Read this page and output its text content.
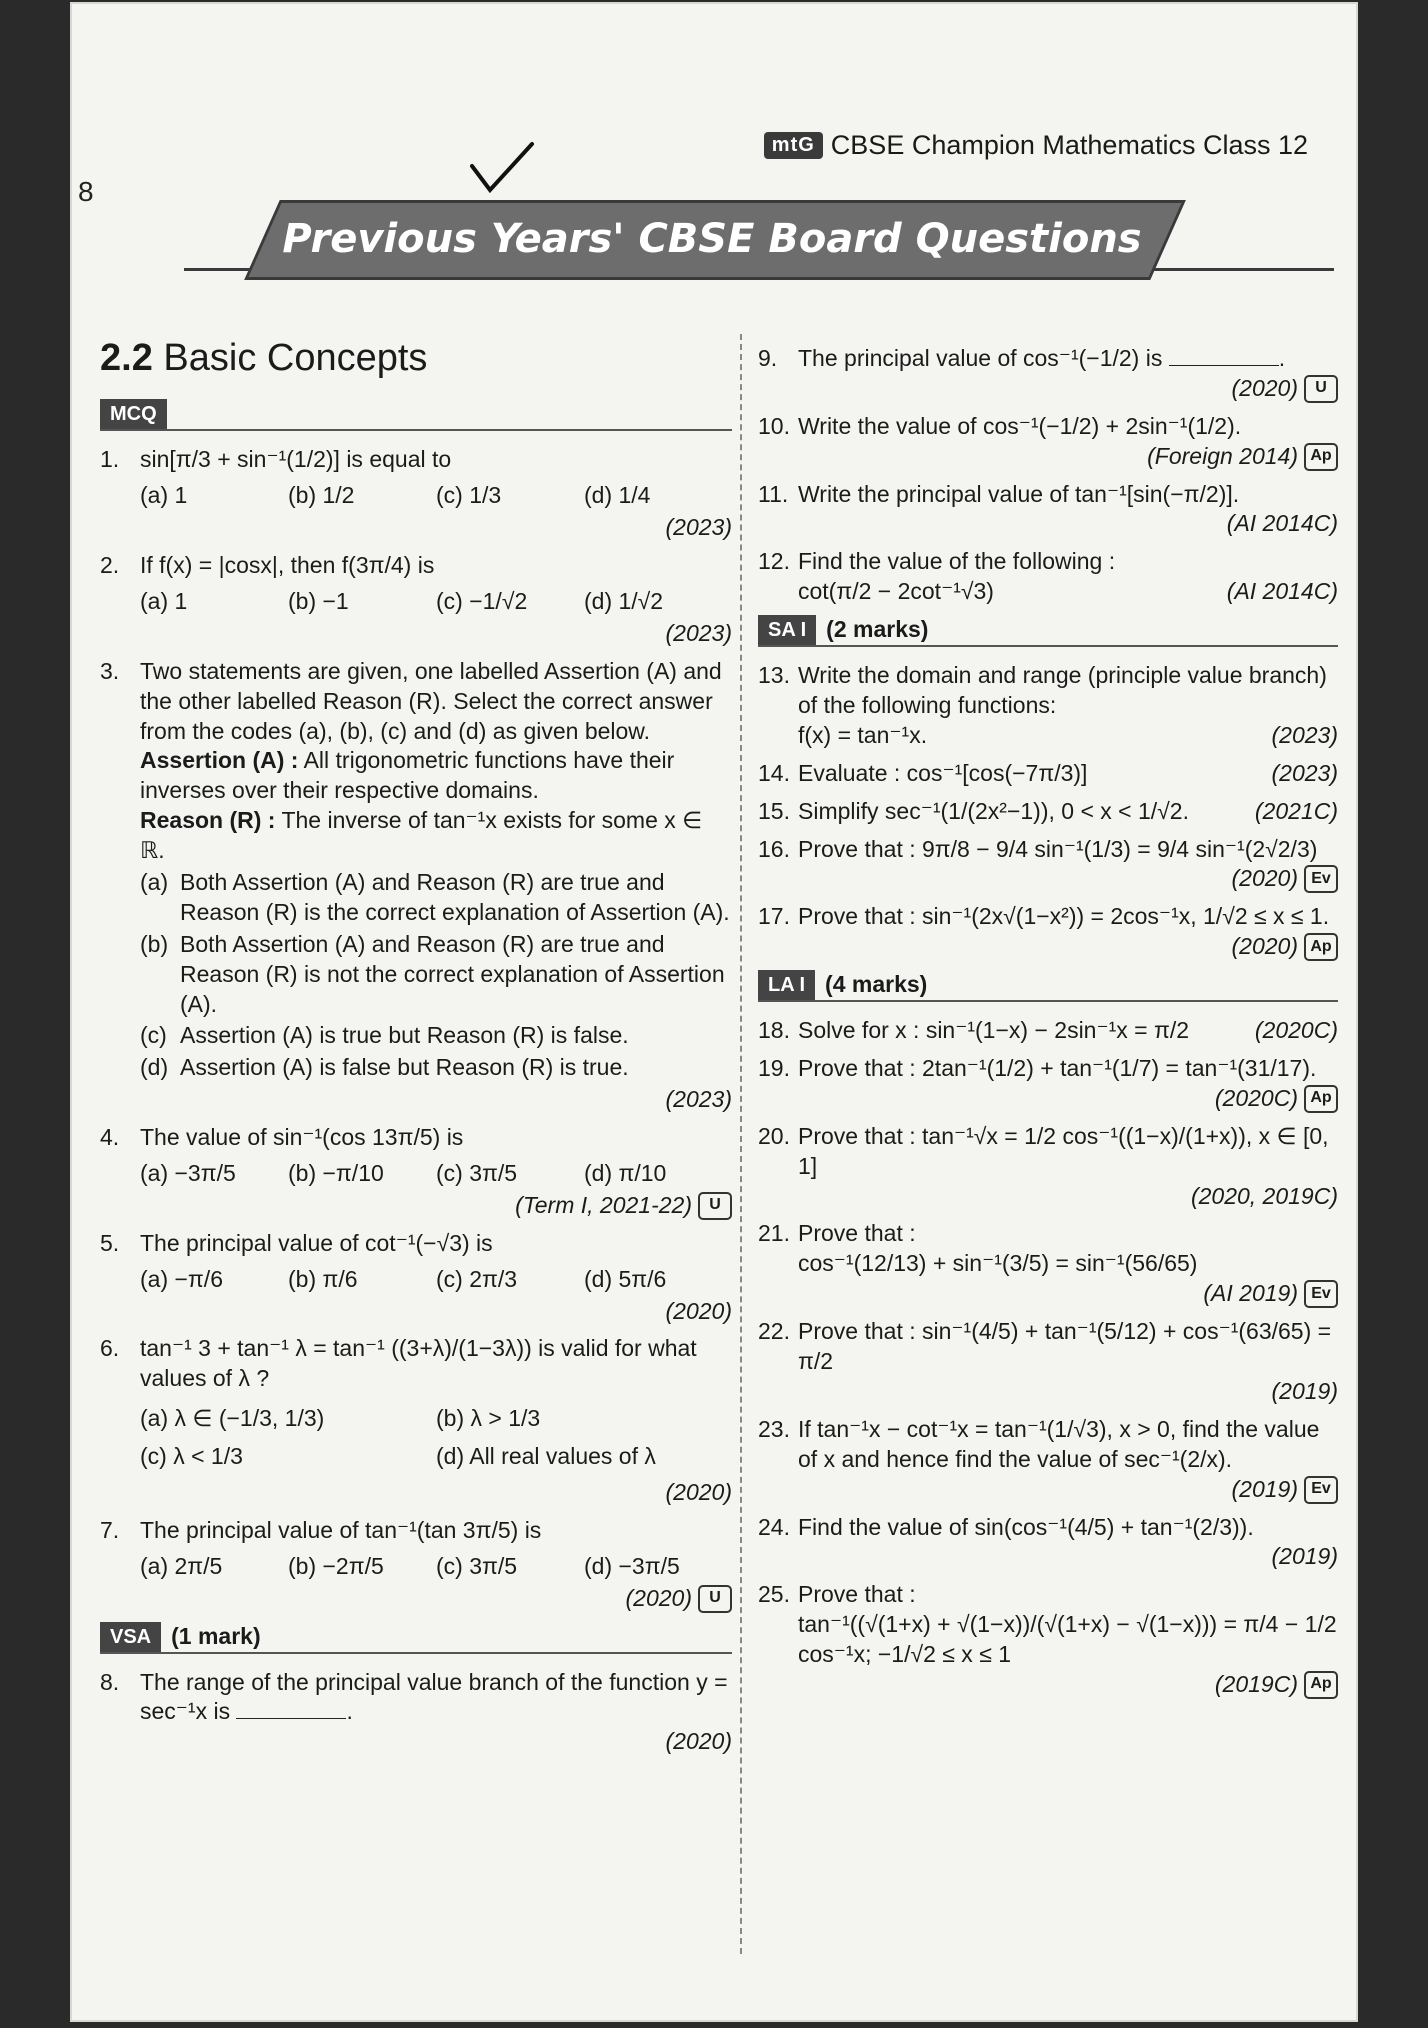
8
mtG CBSE Champion Mathematics Class 12
Previous Years' CBSE Board Questions
2.2 Basic Concepts
MCQ
1. sin[π/3 + sin⁻¹(1/2)] is equal to
(a) 1	(b) 1/2	(c) 1/3	(d) 1/4
(2023)
2. If f(x) = |cosx|, then f(3π/4) is
(a) 1	(b) −1	(c) −1/√2	(d) 1/√2
(2023)
3. Two statements are given, one labelled Assertion (A) and the other labelled Reason (R). Select the correct answer from the codes (a), (b), (c) and (d) as given below.
Assertion (A) : All trigonometric functions have their inverses over their respective domains.
Reason (R) : The inverse of tan⁻¹x exists for some x ∈ ℝ.
(a) Both Assertion (A) and Reason (R) are true and Reason (R) is the correct explanation of Assertion (A).
(b) Both Assertion (A) and Reason (R) are true and Reason (R) is not the correct explanation of Assertion (A).
(c) Assertion (A) is true but Reason (R) is false.
(d) Assertion (A) is false but Reason (R) is true.
(2023)
4. The value of sin⁻¹(cos 13π/5) is
(a) −3π/5	(b) −π/10	(c) 3π/5	(d) π/10
(Term I, 2021-22)	U
5. The principal value of cot⁻¹(−√3) is
(a) −π/6	(b) π/6	(c) 2π/3	(d) 5π/6
(2020)
6. tan⁻¹ 3 + tan⁻¹ λ = tan⁻¹ ((3+λ)/(1−3λ)) is valid for what values of λ ?
(a) λ ∈ (−1/3, 1/3)	(b) λ > 1/3
(c) λ < 1/3	(d) All real values of λ
(2020)
7. The principal value of tan⁻¹(tan 3π/5) is
(a) 2π/5	(b) −2π/5	(c) 3π/5	(d) −3π/5
(2020)	U
VSA (1 mark)
8. The range of the principal value branch of the function y = sec⁻¹x is	.
(2020)
9. The principal value of cos⁻¹(−1/2) is	.
(2020)	U
10. Write the value of cos⁻¹(−1/2) + 2sin⁻¹(1/2).
(Foreign 2014) Ap
11. Write the principal value of tan⁻¹[sin(−π/2)].
(AI 2014C)
12. Find the value of the following :
cot(π/2 − 2cot⁻¹√3)	(AI 2014C)
SA I (2 marks)
13. Write the domain and range (principle value branch) of the following functions:
f(x) = tan⁻¹x.	(2023)
14. Evaluate : cos⁻¹[cos(−7π/3)]	(2023)
15. Simplify sec⁻¹(1/(2x²−1)), 0 < x < 1/√2.	(2021C)
16. Prove that : 9π/8 − 9/4 sin⁻¹(1/3) = 9/4 sin⁻¹(2√2/3)
(2020) Ev
17. Prove that : sin⁻¹(2x√(1−x²)) = 2cos⁻¹x, 1/√2 ≤ x ≤ 1.
(2020) Ap
LA I (4 marks)
18. Solve for x : sin⁻¹(1−x) − 2sin⁻¹x = π/2	(2020C)
19. Prove that : 2tan⁻¹(1/2) + tan⁻¹(1/7) = tan⁻¹(31/17).
(2020C) Ap
20. Prove that : tan⁻¹√x = 1/2 cos⁻¹((1−x)/(1+x)), x ∈ [0, 1]
(2020, 2019C)
21. Prove that :
cos⁻¹(12/13) + sin⁻¹(3/5) = sin⁻¹(56/65)
(AI 2019) Ev
22. Prove that : sin⁻¹(4/5) + tan⁻¹(5/12) + cos⁻¹(63/65) = π/2
(2019)
23. If tan⁻¹x − cot⁻¹x = tan⁻¹(1/√3), x > 0, find the value of x and hence find the value of sec⁻¹(2/x).
(2019) Ev
24. Find the value of sin(cos⁻¹(4/5) + tan⁻¹(2/3)).
(2019)
25. Prove that :
tan⁻¹((√(1+x) + √(1−x))/(√(1+x) − √(1−x))) = π/4 − 1/2 cos⁻¹x; −1/√2 ≤ x ≤ 1
(2019C) Ap
